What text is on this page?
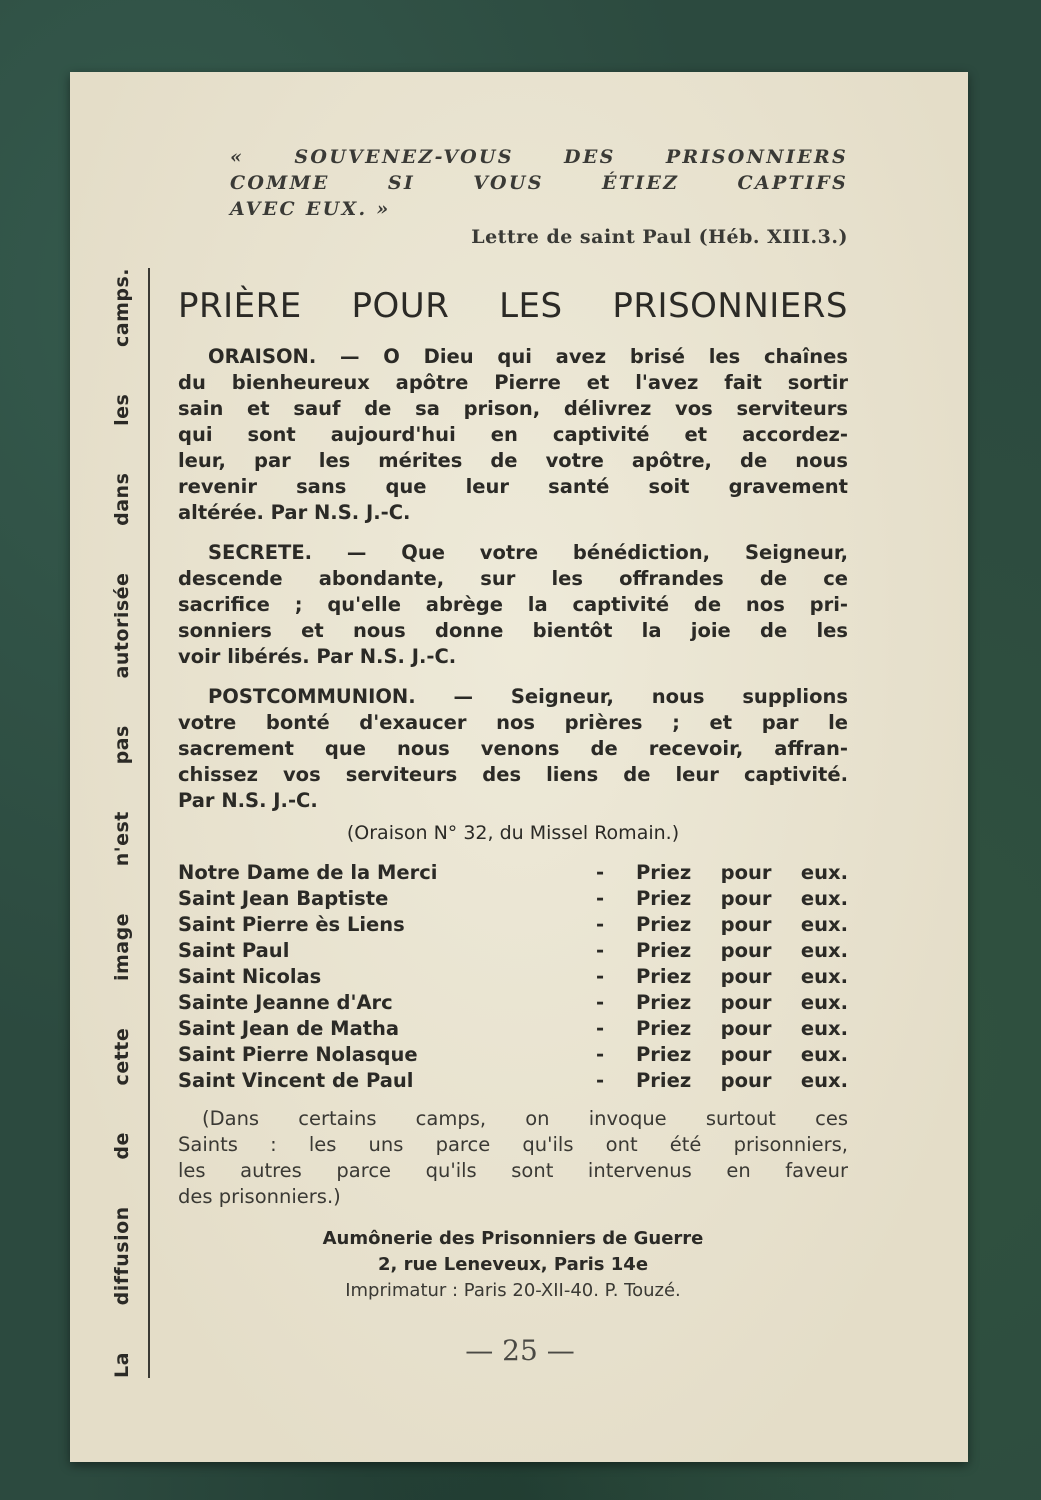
La diffusion de cette image n'est pas autorisée dans les camps.
« SOUVENEZ-VOUS DES PRISONNIERS
COMME SI VOUS ÉTIEZ CAPTIFS
AVEC EUX. »
Lettre de saint Paul (Héb. XIII.3.)
PRIÈRE POUR LES PRISONNIERS
ORAISON. — O Dieu qui avez brisé les chaînes
du bienheureux apôtre Pierre et l'avez fait sortir
sain et sauf de sa prison, délivrez vos serviteurs
qui sont aujourd'hui en captivité et accordez-
leur, par les mérites de votre apôtre, de nous
revenir sans que leur santé soit gravement
altérée. Par N.S. J.-C.
SECRETE. — Que votre bénédiction, Seigneur,
descende abondante, sur les offrandes de ce
sacrifice ; qu'elle abrège la captivité de nos pri-
sonniers et nous donne bientôt la joie de les
voir libérés. Par N.S. J.-C.
POSTCOMMUNION. — Seigneur, nous supplions
votre bonté d'exaucer nos prières ; et par le
sacrement que nous venons de recevoir, affran-
chissez vos serviteurs des liens de leur captivité.
Par N.S. J.-C.
(Oraison N° 32, du Missel Romain.)
Notre Dame de la Merci	- Priez pour eux.
Saint Jean Baptiste	- Priez pour eux.
Saint Pierre ès Liens	- Priez pour eux.
Saint Paul	- Priez pour eux.
Saint Nicolas	- Priez pour eux.
Sainte Jeanne d'Arc	- Priez pour eux.
Saint Jean de Matha	- Priez pour eux.
Saint Pierre Nolasque	- Priez pour eux.
Saint Vincent de Paul	- Priez pour eux.
(Dans certains camps, on invoque surtout ces
Saints : les uns parce qu'ils ont été prisonniers,
les autres parce qu'ils sont intervenus en faveur
des prisonniers.)
Aumônerie des Prisonniers de Guerre
2, rue Leneveux, Paris 14e
Imprimatur : Paris 20-XII-40. P. Touzé.
— 25 —
